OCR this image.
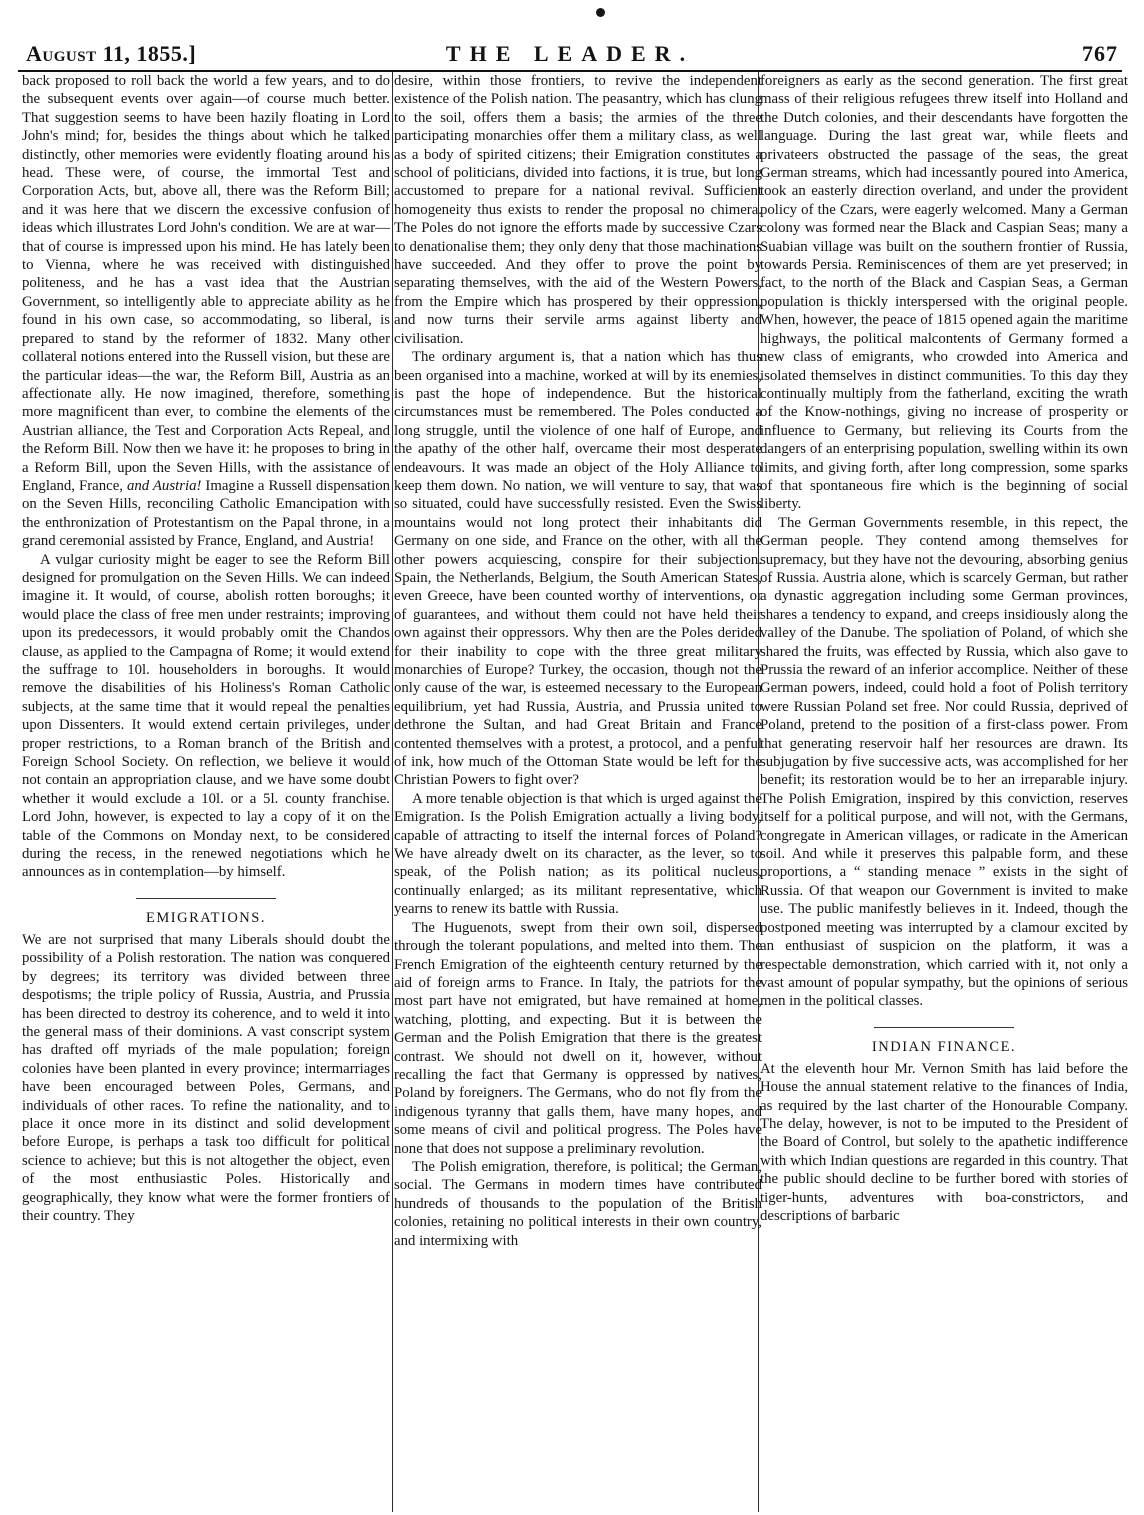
August 11, 1855.]	THE LEADER.	767

back proposed to roll back the world a few years, and to do the subsequent events over again—of course much better. That suggestion seems to have been hazily floating in Lord John's mind; for, besides the things about which he talked distinctly, other memories were evidently floating around his head. These were, of course, the immortal Test and Corporation Acts, but, above all, there was the Reform Bill; and it was here that we discern the excessive confusion of ideas which illustrates Lord John's condition. We are at war—that of course is impressed upon his mind. He has lately been to Vienna, where he was received with distinguished politeness, and he has a vast idea that the Austrian Government, so intelligently able to appreciate ability as he found in his own case, so accommodating, so liberal, is prepared to stand by the reformer of 1832. Many other collateral notions entered into the Russell vision, but these are the particular ideas—the war, the Reform Bill, Austria as an affectionate ally. He now imagined, therefore, something more magnificent than ever, to combine the elements of the Austrian alliance, the Test and Corporation Acts Repeal, and the Reform Bill. Now then we have it: he proposes to bring in a Reform Bill, upon the Seven Hills, with the assistance of England, France, and Austria! Imagine a Russell dispensation on the Seven Hills, reconciling Catholic Emancipation with the enthronization of Protestantism on the Papal throne, in a grand ceremonial assisted by France, England, and Austria!

A vulgar curiosity might be eager to see the Reform Bill designed for promulgation on the Seven Hills. We can indeed imagine it. It would, of course, abolish rotten boroughs; it would place the class of free men under restraints; improving upon its predecessors, it would probably omit the Chandos clause, as applied to the Campagna of Rome; it would extend the suffrage to 10l. householders in boroughs. It would remove the disabilities of his Holiness's Roman Catholic subjects, at the same time that it would repeal the penalties upon Dissenters. It would extend certain privileges, under proper restrictions, to a Roman branch of the British and Foreign School Society. On reflection, we believe it would not contain an appropriation clause, and we have some doubt whether it would exclude a 10l. or a 5l. county franchise. Lord John, however, is expected to lay a copy of it on the table of the Commons on Monday next, to be considered during the recess, in the renewed negotiations which he announces as in contemplation—by himself.

EMIGRATIONS.

We are not surprised that many Liberals should doubt the possibility of a Polish restoration. The nation was conquered by degrees; its territory was divided between three despotisms; the triple policy of Russia, Austria, and Prussia has been directed to destroy its coherence, and to weld it into the general mass of their dominions. A vast conscript system has drafted off myriads of the male population; foreign colonies have been planted in every province; intermarriages have been encouraged between Poles, Germans, and individuals of other races. To refine the nationality, and to place it once more in its distinct and solid development before Europe, is perhaps a task too difficult for political science to achieve; but this is not altogether the object, even of the most enthusiastic Poles. Historically and geographically, they know what were the former frontiers of their country. They

desire, within those frontiers, to revive the independent existence of the Polish nation. The peasantry, which has clung to the soil, offers them a basis; the armies of the three participating monarchies offer them a military class, as well as a body of spirited citizens; their Emigration constitutes a school of politicians, divided into factions, it is true, but long accustomed to prepare for a national revival. Sufficient homogeneity thus exists to render the proposal no chimera. The Poles do not ignore the efforts made by successive Czars to denationalise them; they only deny that those machinations have succeeded. And they offer to prove the point by separating themselves, with the aid of the Western Powers, from the Empire which has prospered by their oppression, and now turns their servile arms against liberty and civilisation.

The ordinary argument is, that a nation which has thus been organised into a machine, worked at will by its enemies, is past the hope of independence. But the historical circumstances must be remembered. The Poles conducted a long struggle, until the violence of one half of Europe, and the apathy of the other half, overcame their most desperate endeavours. It was made an object of the Holy Alliance to keep them down. No nation, we will venture to say, that was so situated, could have successfully resisted. Even the Swiss mountains would not long protect their inhabitants did Germany on one side, and France on the other, with all the other powers acquiescing, conspire for their subjection. Spain, the Netherlands, Belgium, the South American States, even Greece, have been counted worthy of interventions, or of guarantees, and without them could not have held their own against their oppressors. Why then are the Poles derided for their inability to cope with the three great military monarchies of Europe? Turkey, the occasion, though not the only cause of the war, is esteemed necessary to the European equilibrium, yet had Russia, Austria, and Prussia united to dethrone the Sultan, and had Great Britain and France contented themselves with a protest, a protocol, and a penful of ink, how much of the Ottoman State would be left for the Christian Powers to fight over?

A more tenable objection is that which is urged against the Emigration. Is the Polish Emigration actually a living body, capable of attracting to itself the internal forces of Poland? We have already dwelt on its character, as the lever, so to speak, of the Polish nation; as its political nucleus, continually enlarged; as its militant representative, which yearns to renew its battle with Russia.

The Huguenots, swept from their own soil, dispersed through the tolerant populations, and melted into them. The French Emigration of the eighteenth century returned by the aid of foreign arms to France. In Italy, the patriots for the most part have not emigrated, but have remained at home, watching, plotting, and expecting. But it is between the German and the Polish Emigration that there is the greatest contrast. We should not dwell on it, however, without recalling the fact that Germany is oppressed by natives, Poland by foreigners. The Germans, who do not fly from the indigenous tyranny that galls them, have many hopes, and some means of civil and political progress. The Poles have none that does not suppose a preliminary revolution.

The Polish emigration, therefore, is political; the German, social. The Germans in modern times have contributed hundreds of thousands to the population of the British colonies, retaining no political interests in their own country, and intermixing with

foreigners as early as the second generation. The first great mass of their religious refugees threw itself into Holland and the Dutch colonies, and their descendants have forgotten the language. During the last great war, while fleets and privateers obstructed the passage of the seas, the great German streams, which had incessantly poured into America, took an easterly direction overland, and under the provident policy of the Czars, were eagerly welcomed. Many a German colony was formed near the Black and Caspian Seas; many a Suabian village was built on the southern frontier of Russia, towards Persia. Reminiscences of them are yet preserved; in fact, to the north of the Black and Caspian Seas, a German population is thickly interspersed with the original people. When, however, the peace of 1815 opened again the maritime highways, the political malcontents of Germany formed a new class of emigrants, who crowded into America and isolated themselves in distinct communities. To this day they continually multiply from the fatherland, exciting the wrath of the Know-nothings, giving no increase of prosperity or influence to Germany, but relieving its Courts from the dangers of an enterprising population, swelling within its own limits, and giving forth, after long compression, some sparks of that spontaneous fire which is the beginning of social liberty.

The German Governments resemble, in this repect, the German people. They contend among themselves for supremacy, but they have not the devouring, absorbing genius of Russia. Austria alone, which is scarcely German, but rather a dynastic aggregation including some German provinces, shares a tendency to expand, and creeps insidiously along the valley of the Danube. The spoliation of Poland, of which she shared the fruits, was effected by Russia, which also gave to Prussia the reward of an inferior accomplice. Neither of these German powers, indeed, could hold a foot of Polish territory were Russian Poland set free. Nor could Russia, deprived of Poland, pretend to the position of a first-class power. From that generating reservoir half her resources are drawn. Its subjugation by five successive acts, was accomplished for her benefit; its restoration would be to her an irreparable injury. The Polish Emigration, inspired by this conviction, reserves itself for a political purpose, and will not, with the Germans, congregate in American villages, or radicate in the American soil. And while it preserves this palpable form, and these proportions, a “ standing menace ” exists in the sight of Russia. Of that weapon our Government is invited to make use. The public manifestly believes in it. Indeed, though the postponed meeting was interrupted by a clamour excited by an enthusiast of suspicion on the platform, it was a respectable demonstration, which carried with it, not only a vast amount of popular sympathy, but the opinions of serious men in the political classes.

INDIAN FINANCE.

At the eleventh hour Mr. Vernon Smith has laid before the House the annual statement relative to the finances of India, as required by the last charter of the Honourable Company. The delay, however, is not to be imputed to the President of the Board of Control, but solely to the apathetic indifference with which Indian questions are regarded in this country. That the public should decline to be further bored with stories of tiger-hunts, adventures with boa-constrictors, and descriptions of barbaric
